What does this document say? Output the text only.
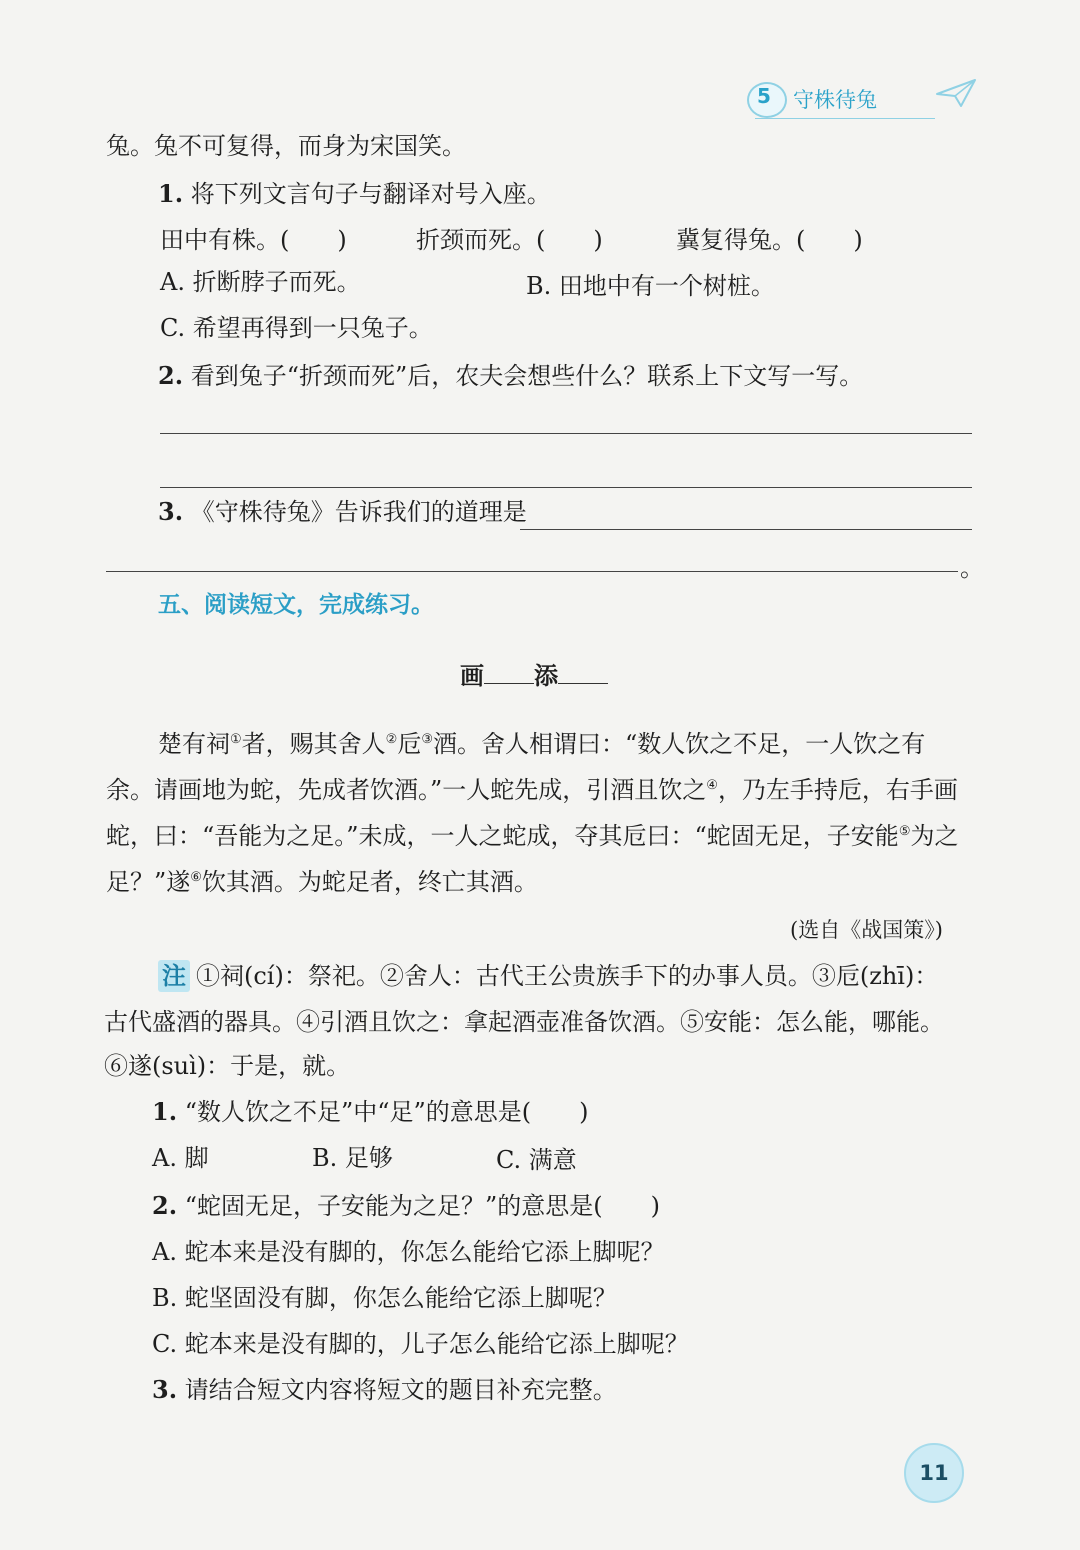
5 守株待兔
兔。兔不可复得，而身为宋国笑。
1. 将下列文言句子与翻译对号入座。
田中有株。(　　)	折颈而死。(　　)	冀复得兔。(　　)
A. 折断脖子而死。	B. 田地中有一个树桩。
C. 希望再得到一只兔子。
2. 看到兔子“折颈而死”后，农夫会想些什么？联系上下文写一写。
3. 《守株待兔》告诉我们的道理是
。
五、阅读短文，完成练习。
画 添
楚有祠①者，赐其舍人②卮③酒。舍人相谓曰：“数人饮之不足，一人饮之有
余。请画地为蛇，先成者饮酒。”一人蛇先成，引酒且饮之④，乃左手持卮，右手画
蛇，曰：“吾能为之足。”未成，一人之蛇成，夺其卮曰：“蛇固无足，子安能⑤为之
足？”遂⑥饮其酒。为蛇足者，终亡其酒。
(选自《战国策》)
注 ①祠(cí)：祭祀。②舍人：古代王公贵族手下的办事人员。③卮(zhī)：
古代盛酒的器具。④引酒且饮之：拿起酒壶准备饮酒。⑤安能：怎么能，哪能。
⑥遂(suì)：于是，就。
1. “数人饮之不足”中“足”的意思是(　　)
A. 脚	B. 足够	C. 满意
2. “蛇固无足，子安能为之足？”的意思是(　　)
A. 蛇本来是没有脚的，你怎么能给它添上脚呢？
B. 蛇坚固没有脚，你怎么能给它添上脚呢？
C. 蛇本来是没有脚的，儿子怎么能给它添上脚呢？
3. 请结合短文内容将短文的题目补充完整。
11
